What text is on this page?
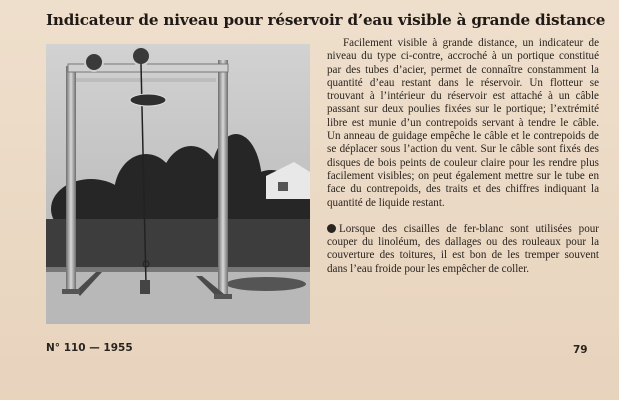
Indicateur de niveau pour réservoir d’eau visible à grande distance

Facilement visible à grande distance, un indicateur de niveau du type ci-contre, accroché à un portique constitué par des tubes d’acier, permet de connaître constamment la quantité d’eau restant dans le réservoir. Un flotteur se trouvant à l’intérieur du réservoir est attaché à un câble passant sur deux poulies fixées sur le portique; l’extrémité libre est munie d’un contrepoids servant à tendre le câble. Un anneau de guidage empêche le câble et le contrepoids de se déplacer sous l’action du vent. Sur le câble sont fixés des disques de bois peints de couleur claire pour les rendre plus facilement visibles; on peut également mettre sur le tube en face du contrepoids, des traits et des chiffres indiquant la quantité de liquide restant.

Lorsque des cisailles de fer-blanc sont utilisées pour couper du linoléum, des dallages ou des rouleaux pour la couverture des toitures, il est bon de les tremper souvent dans l’eau froide pour les empêcher de coller.

N° 110 — 1955	79
